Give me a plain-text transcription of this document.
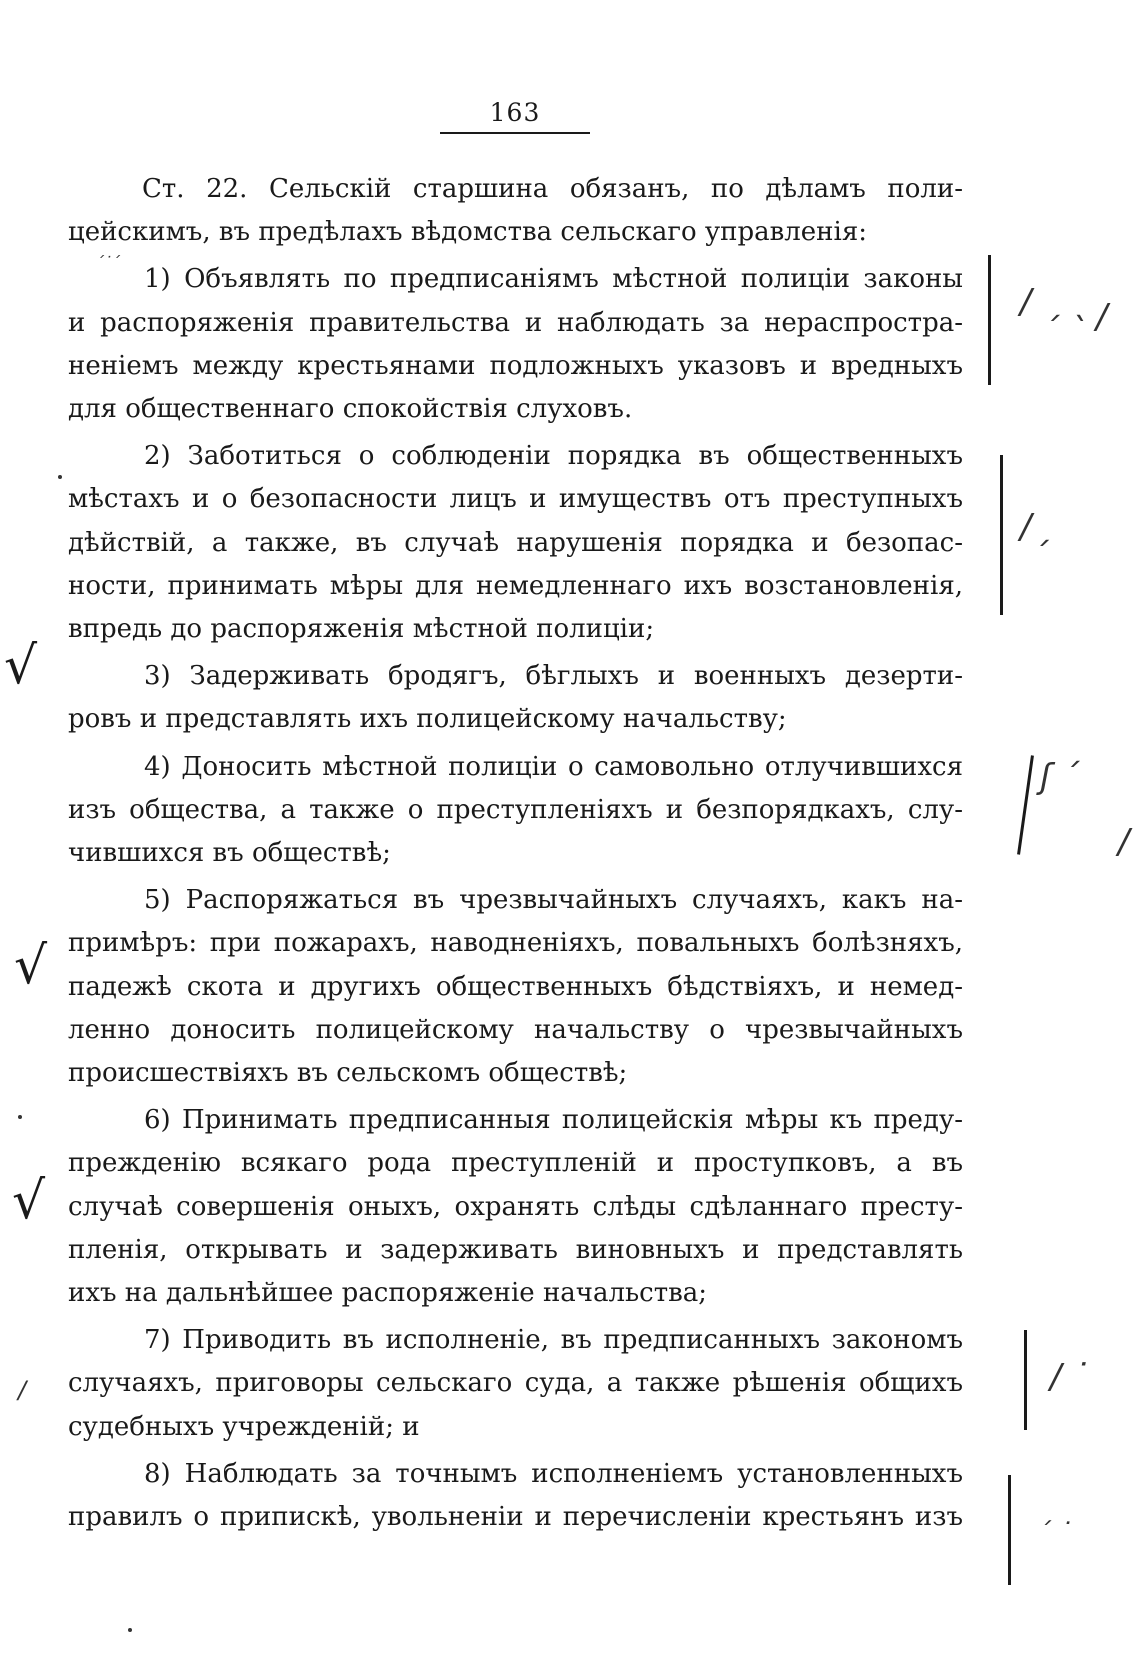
163
Ст. 22. Сельскій старшина обязанъ, по дѣламъ поли-
цейскимъ, въ предѣлахъ вѣдомства сельскаго управленія:
1) Объявлять по предписаніямъ мѣстной полиціи законы
и распоряженія правительства и наблюдать за нераспростра-
неніемъ между крестьянами подложныхъ указовъ и вредныхъ
для общественнаго спокойствія слуховъ.
2) Заботиться о соблюденіи порядка въ общественныхъ
мѣстахъ и о безопасности лицъ и имуществъ отъ преступныхъ
дѣйствій, а также, въ случаѣ нарушенія порядка и безопас-
ности, принимать мѣры для немедленнаго ихъ возстановленія,
впредь до распоряженія мѣстной полиціи;
3) Задерживать бродягъ, бѣглыхъ и военныхъ дезерти-
ровъ и представлять ихъ полицейскому начальству;
4) Доносить мѣстной полиціи о самовольно отлучившихся
изъ общества, а также о преступленіяхъ и безпорядкахъ, слу-
чившихся въ обществѣ;
5) Распоряжаться въ чрезвычайныхъ случаяхъ, какъ на-
примѣръ: при пожарахъ, наводненіяхъ, повальныхъ болѣзняхъ,
падежѣ скота и другихъ общественныхъ бѣдствіяхъ, и немед-
ленно доносить полицейскому начальству о чрезвычайныхъ
происшествіяхъ въ сельскомъ обществѣ;
6) Принимать предписанныя полицейскія мѣры къ преду-
прежденію всякаго рода преступленій и проступковъ, а въ
случаѣ совершенія оныхъ, охранять слѣды сдѣланнаго престу-
пленія, открывать и задерживать виновныхъ и представлять
ихъ на дальнѣйшее распоряженіе начальства;
7) Приводить въ исполненіе, въ предписанныхъ закономъ
случаяхъ, приговоры сельскаго суда, а также рѣшенія общихъ
судебныхъ учрежденій; и
8) Наблюдать за точнымъ исполненіемъ установленныхъ
правилъ о припискѣ, увольненіи и перечисленіи крестьянъ изъ
√
√
√
/
ˊ˙ˊ
/ ˏ ˎ /
/ˏ
ʃ ˊ
/
/ ˙
ˊ ˙
